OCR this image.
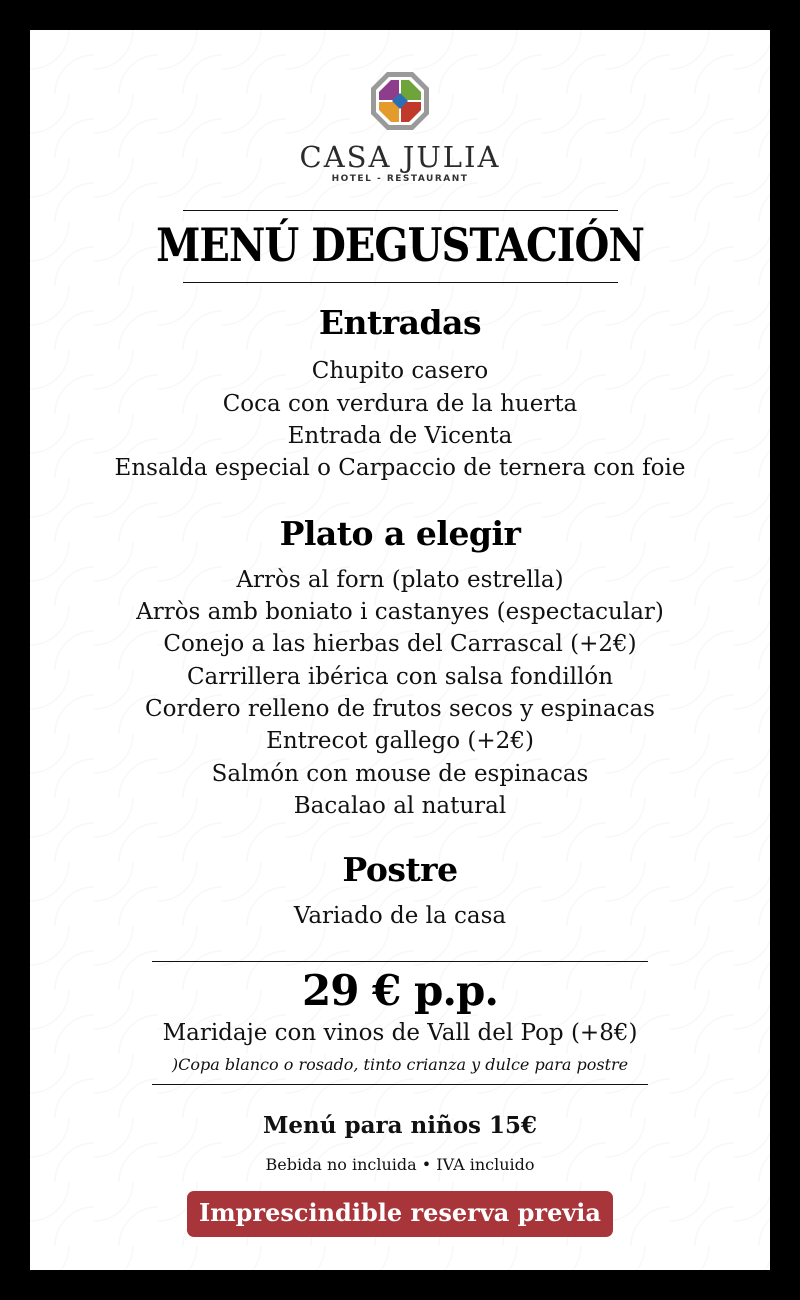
CASA JULIA
HOTEL - RESTAURANT
MENÚ DEGUSTACIÓN
Entradas
Chupito casero
Coca con verdura de la huerta
Entrada de Vicenta
Ensalda especial o Carpaccio de ternera con foie
Plato a elegir
Arròs al forn (plato estrella)
Arròs amb boniato i castanyes (espectacular)
Conejo a las hierbas del Carrascal (+2€)
Carrillera ibérica con salsa fondillón
Cordero relleno de frutos secos y espinacas
Entrecot gallego (+2€)
Salmón con mouse de espinacas
Bacalao al natural
Postre
Variado de la casa
29 € p.p.
Maridaje con vinos de Vall del Pop (+8€)
)Copa blanco o rosado, tinto crianza y dulce para postre
Menú para niños 15€
Bebida no incluida • IVA incluido
Imprescindible reserva previa
